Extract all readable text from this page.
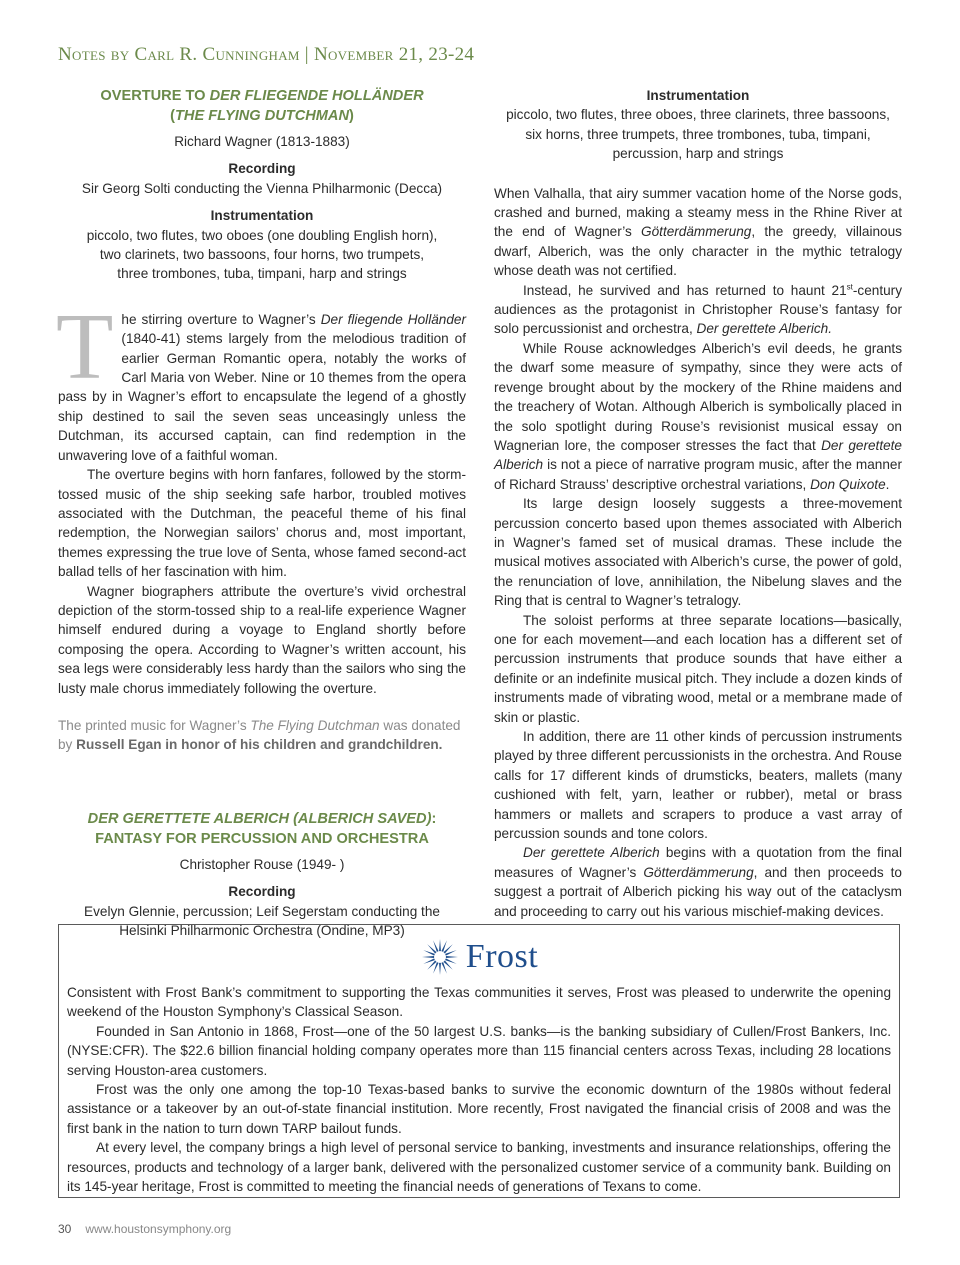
Notes by Carl R. Cunningham | November 21, 23-24
OVERTURE TO DER FLIEGENDE HOLLÄNDER
(THE FLYING DUTCHMAN)
Richard Wagner (1813-1883)
Recording
Sir Georg Solti conducting the Vienna Philharmonic (Decca)
Instrumentation
piccolo, two flutes, two oboes (one doubling English horn),
two clarinets, two bassoons, four horns, two trumpets,
three trombones, tuba, timpani, harp and strings

The stirring overture to Wagner’s Der fliegende Holländer (1840-41) stems largely from the melodious tradition of earlier German Romantic opera, notably the works of Carl Maria von Weber. Nine or 10 themes from the opera pass by in Wagner’s effort to encapsulate the legend of a ghostly ship destined to sail the seven seas unceasingly unless the Dutchman, its accursed captain, can find redemption in the unwavering love of a faithful woman.

The overture begins with horn fanfares, followed by the storm-tossed music of the ship seeking safe harbor, troubled motives associated with the Dutchman, the peaceful theme of his final redemption, the Norwegian sailors’ chorus and, most important, themes expressing the true love of Senta, whose famed second-act ballad tells of her fascination with him.

Wagner biographers attribute the overture’s vivid orchestral depiction of the storm-tossed ship to a real-life experience Wagner himself endured during a voyage to England shortly before composing the opera. According to Wagner’s written account, his sea legs were considerably less hardy than the sailors who sing the lusty male chorus immediately following the overture.

The printed music for Wagner’s The Flying Dutchman was donated by Russell Egan in honor of his children and grandchildren.

DER GERETTETE ALBERICH (ALBERICH SAVED):
FANTASY FOR PERCUSSION AND ORCHESTRA
Christopher Rouse (1949- )
Recording
Evelyn Glennie, percussion; Leif Segerstam conducting the
Helsinki Philharmonic Orchestra (Ondine, MP3)
Instrumentation
piccolo, two flutes, three oboes, three clarinets, three bassoons,
six horns, three trumpets, three trombones, tuba, timpani,
percussion, harp and strings

When Valhalla, that airy summer vacation home of the Norse gods, crashed and burned, making a steamy mess in the Rhine River at the end of Wagner’s Götterdämmerung, the greedy, villainous dwarf, Alberich, was the only character in the mythic tetralogy whose death was not certified.

Instead, he survived and has returned to haunt 21st-century audiences as the protagonist in Christopher Rouse’s fantasy for solo percussionist and orchestra, Der gerettete Alberich.

While Rouse acknowledges Alberich’s evil deeds, he grants the dwarf some measure of sympathy, since they were acts of revenge brought about by the mockery of the Rhine maidens and the treachery of Wotan. Although Alberich is symbolically placed in the solo spotlight during Rouse’s revisionist musical essay on Wagnerian lore, the composer stresses the fact that Der gerettete Alberich is not a piece of narrative program music, after the manner of Richard Strauss’ descriptive orchestral variations, Don Quixote.

Its large design loosely suggests a three-movement percussion concerto based upon themes associated with Alberich in Wagner’s famed set of musical dramas. These include the musical motives associated with Alberich’s curse, the power of gold, the renunciation of love, annihilation, the Nibelung slaves and the Ring that is central to Wagner’s tetralogy.

The soloist performs at three separate locations—basically, one for each movement—and each location has a different set of percussion instruments that produce sounds that have either a definite or an indefinite musical pitch. They include a dozen kinds of instruments made of vibrating wood, metal or a membrane made of skin or plastic.

In addition, there are 11 other kinds of percussion instruments played by three different percussionists in the orchestra. And Rouse calls for 17 different kinds of drumsticks, beaters, mallets (many cushioned with felt, yarn, leather or rubber), metal or brass hammers or mallets and scrapers to produce a vast array of percussion sounds and tone colors.

Der gerettete Alberich begins with a quotation from the final measures of Wagner’s Götterdämmerung, and then proceeds to suggest a portrait of Alberich picking his way out of the cataclysm and proceeding to carry out his various mischief-making devices.

Frost

Consistent with Frost Bank’s commitment to supporting the Texas communities it serves, Frost was pleased to underwrite the opening weekend of the Houston Symphony’s Classical Season.

Founded in San Antonio in 1868, Frost—one of the 50 largest U.S. banks—is the banking subsidiary of Cullen/Frost Bankers, Inc. (NYSE:CFR). The $22.6 billion financial holding company operates more than 115 financial centers across Texas, including 28 locations serving Houston-area customers.

Frost was the only one among the top-10 Texas-based banks to survive the economic downturn of the 1980s without federal assistance or a takeover by an out-of-state financial institution. More recently, Frost navigated the financial crisis of 2008 and was the first bank in the nation to turn down TARP bailout funds.

At every level, the company brings a high level of personal service to banking, investments and insurance relationships, offering the resources, products and technology of a larger bank, delivered with the personalized customer service of a community bank. Building on its 145-year heritage, Frost is committed to meeting the financial needs of generations of Texans to come.

30 www.houstonsymphony.org
